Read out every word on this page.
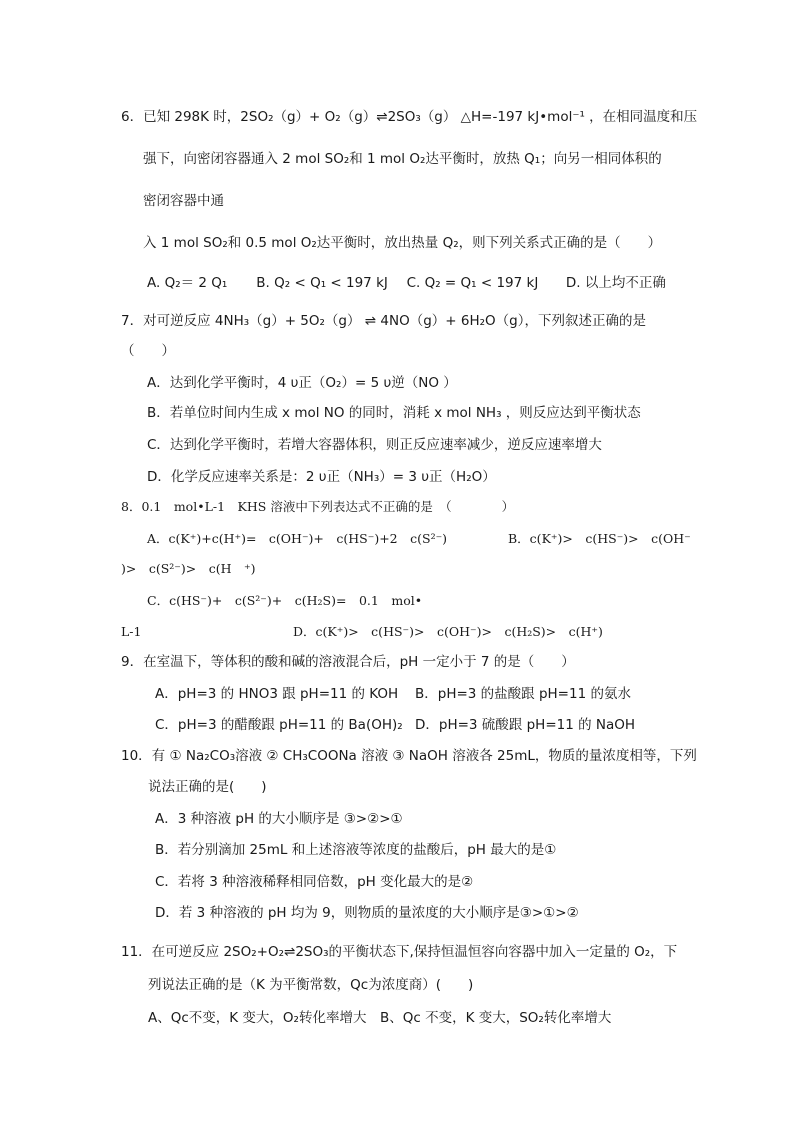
6．已知 298K 时，2SO₂（g）+ O₂（g）⇌2SO₃（g） △H=-197 kJ•mol⁻¹ ，在相同温度和压
强下，向密闭容器通入 2 mol SO₂和 1 mol O₂达平衡时，放热 Q₁；向另一相同体积的
密闭容器中通
入 1 mol SO₂和 0.5 mol O₂达平衡时，放出热量 Q₂，则下列关系式正确的是（　　）
A. Q₂＝ 2 Q₁ B. Q₂ < Q₁ < 197 kJ C. Q₂ = Q₁ < 197 kJ D. 以上均不正确
7．对可逆反应 4NH₃（g）+ 5O₂（g） ⇌ 4NO（g）+ 6H₂O（g），下列叙述正确的是
（　　）
A．达到化学平衡时，4 υ正（O₂）= 5 υ逆（NO ）
B．若单位时间内生成 x mol NO 的同时，消耗 x mol NH₃ ，则反应达到平衡状态
C．达到化学平衡时，若增大容器体积，则正反应速率减少，逆反应速率增大
D．化学反应速率关系是：2 υ正（NH₃）= 3 υ正（H₂O）
8．0.1　mol•L-1　KHS 溶液中下列表达式不正确的是　（　　　　）
A．c(K⁺)+c(H⁺)=　c(OH⁻)+　c(HS⁻)+2　c(S²⁻)	B．c(K⁺)>　c(HS⁻)>　c(OH⁻
)>　c(S²⁻)>　c(H　⁺)
C．c(HS⁻)+　c(S²⁻)+　c(H₂S)=　0.1　mol•
L-1	D．c(K⁺)>　c(HS⁻)>　c(OH⁻)>　c(H₂S)>　c(H⁺)
9．在室温下，等体积的酸和碱的溶液混合后，pH 一定小于 7 的是（　　）
A．pH=3 的 HNO3 跟 pH=11 的 KOH B．pH=3 的盐酸跟 pH=11 的氨水
C．pH=3 的醋酸跟 pH=11 的 Ba(OH)₂ D．pH=3 硫酸跟 pH=11 的 NaOH
10．有 ① Na₂CO₃溶液 ② CH₃COONa 溶液 ③ NaOH 溶液各 25mL，物质的量浓度相等，下列
说法正确的是(　　)
A．3 种溶液 pH 的大小顺序是 ③>②>①
B．若分别滴加 25mL 和上述溶液等浓度的盐酸后，pH 最大的是①
C．若将 3 种溶液稀释相同倍数，pH 变化最大的是②
D．若 3 种溶液的 pH 均为 9，则物质的量浓度的大小顺序是③>①>②
11．在可逆反应 2SO₂+O₂⇌2SO₃的平衡状态下,保持恒温恒容向容器中加入一定量的 O₂，下
列说法正确的是（K 为平衡常数，Qc为浓度商）(　　)
A、Qc不变，K 变大，O₂转化率增大　B、Qc 不变，K 变大，SO₂转化率增大
